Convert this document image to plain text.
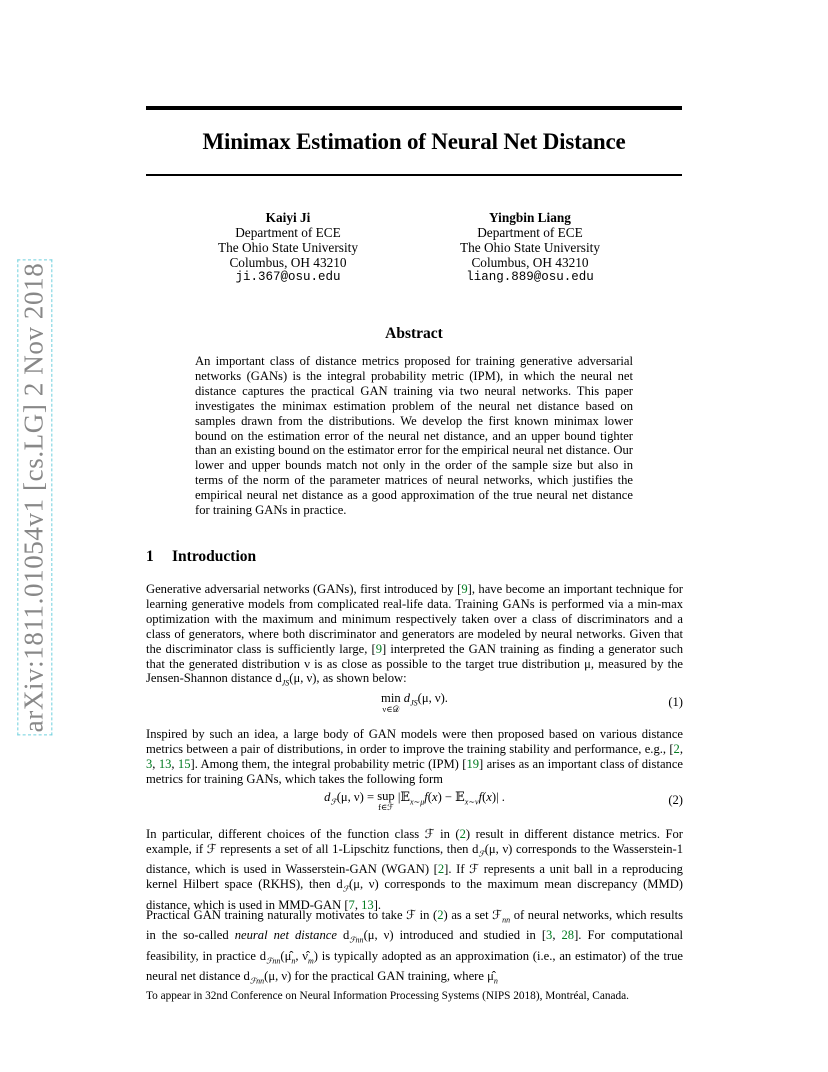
Minimax Estimation of Neural Net Distance
Kaiyi Ji
Department of ECE
The Ohio State University
Columbus, OH 43210
ji.367@osu.edu
Yingbin Liang
Department of ECE
The Ohio State University
Columbus, OH 43210
liang.889@osu.edu
arXiv:1811.01054v1 [cs.LG] 2 Nov 2018	Abstract
An important class of distance metrics proposed for training generative adversarial networks (GANs) is the integral probability metric (IPM), in which the neural net distance captures the practical GAN training via two neural networks. This paper investigates the minimax estimation problem of the neural net distance based on samples drawn from the distributions. We develop the first known minimax lower bound on the estimation error of the neural net distance, and an upper bound tighter than an existing bound on the estimator error for the empirical neural net distance. Our lower and upper bounds match not only in the order of the sample size but also in terms of the norm of the parameter matrices of neural networks, which justifies the empirical neural net distance as a good approximation of the true neural net distance for training GANs in practice.
1 Introduction
Generative adversarial networks (GANs), first introduced by [9], have become an important technique for learning generative models from complicated real-life data. Training GANs is performed via a min-max optimization with the maximum and minimum respectively taken over a class of discriminators and a class of generators, where both discriminator and generators are modeled by neural networks. Given that the discriminator class is sufficiently large, [9] interpreted the GAN training as finding a generator such that the generated distribution ν is as close as possible to the target true distribution μ, measured by the Jensen-Shannon distance $d_{JS}(\mu$, ν), as shown below:
min
ν∈𝒟
$d_{JS}(\mu$, ν).	(1)
Inspired by such an idea, a large body of GAN models were then proposed based on various distance metrics between a pair of distributions, in order to improve the training stability and performance, e.g., [2, 3, 13, 15]. Among them, the integral probability metric (IPM) [19] arises as an important class of distance metrics for training GANs, which takes the following form
$d_ℱ(\mu$, ν) = sup
f∈ℱ
|𝔼$_{x\sim\mu}$f(x) − 𝔼$_{x\sim\nu}$f(x)| .	(2)
In particular, different choices of the function class ℱ in (2) result in different distance metrics. For example, if ℱ represents a set of all 1-Lipschitz functions, then $d_ℱ(\mu$, ν) corresponds to the Wasserstein-1 distance, which is used in Wasserstein-GAN (WGAN) [2]. If ℱ represents a unit ball in a reproducing kernel Hilbert space (RKHS), then $d_ℱ(\mu$, ν) corresponds to the maximum mean discrepancy (MMD) distance, which is used in MMD-GAN [7, 13].
Practical GAN training naturally motivates to take ℱ in (2) as a set ℱ$_{nn}$ of neural networks, which results in the so-called neural net distance $d_{ℱnn}(\mu$, ν) introduced and studied in [3, 28]. For computational feasibility, in practice $d_{ℱnn}(\mû_n$, $\nû_m$) is typically adopted as an approximation (i.e., an estimator) of the true neural net distance $d_{ℱnn}(\mu$, ν) for the practical GAN training, where $\mû_n$
To appear in 32nd Conference on Neural Information Processing Systems (NIPS 2018), Montréal, Canada.
